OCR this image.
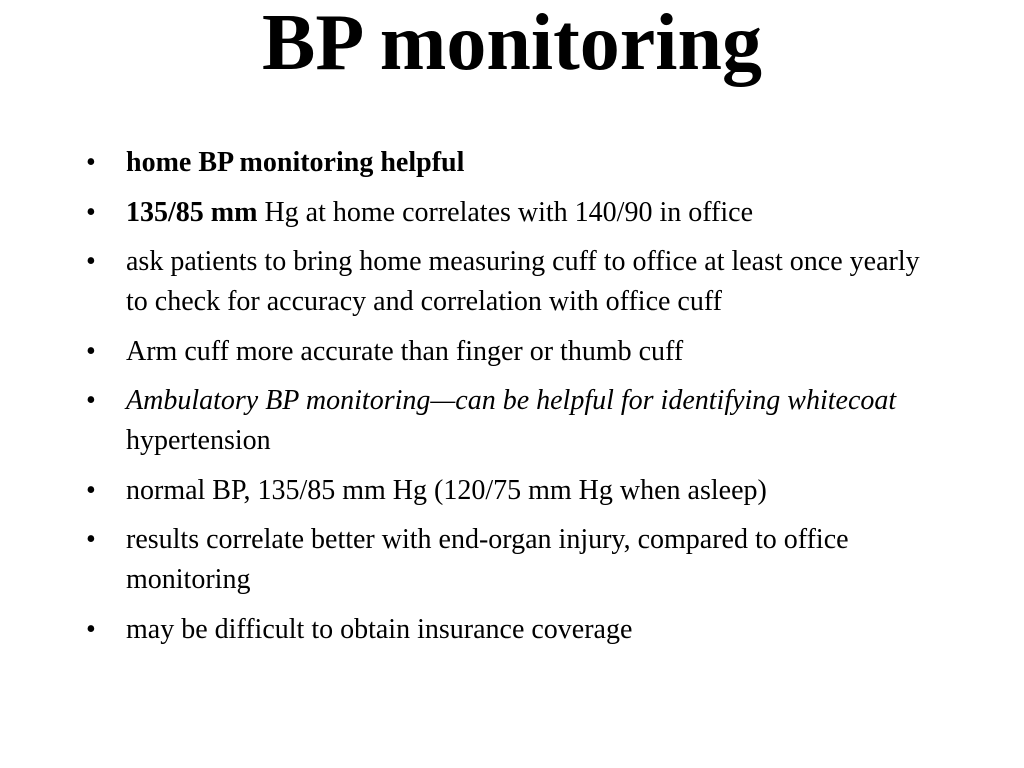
BP monitoring
•	home BP monitoring helpful
•	135/85 mm Hg at home correlates with 140/90 in office
•	ask patients to bring home measuring cuff to office at least once yearly to check for accuracy and correlation with office cuff
•	Arm cuff more accurate than finger or thumb cuff
•	Ambulatory BP monitoring—can be helpful for identifying whitecoat hypertension
•	normal BP, 135/85 mm Hg (120/75 mm Hg when asleep)
•	results correlate better with end-organ injury, compared to office monitoring
•	may be difficult to obtain insurance coverage
